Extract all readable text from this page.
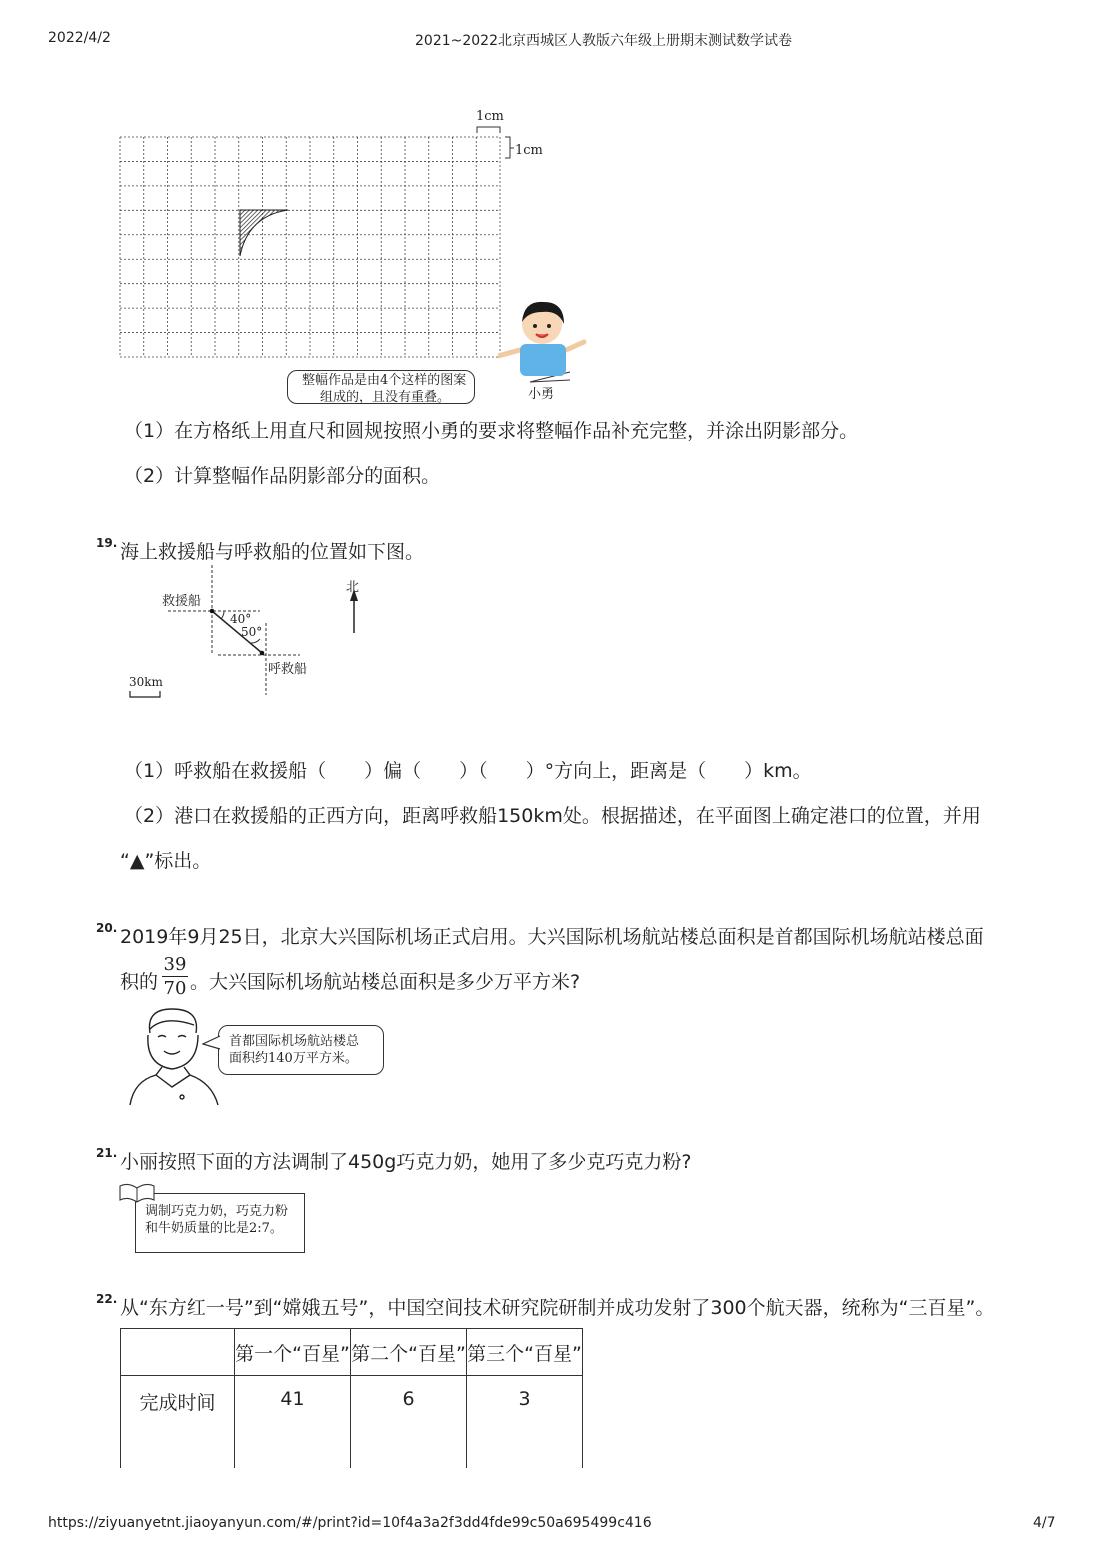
2022/4/2	2021~2022北京西城区人教版六年级上册期末测试数学试卷
1cm
1cm
小勇
整幅作品是由4个这样的图案
组成的，且没有重叠。
（1）在方格纸上用直尺和圆规按照小勇的要求将整幅作品补充完整，并涂出阴影部分。
（2）计算整幅作品阴影部分的面积。
19. 海上救援船与呼救船的位置如下图。
救援船
40°
50°
呼救船
北
30km
（1）呼救船在救援船（　　）偏（　　）（　　）°方向上，距离是（　　）km。
（2）港口在救援船的正西方向，距离呼救船150km处。根据描述，在平面图上确定港口的位置，并用
“▲”标出。
20. 2019年9月25日，北京大兴国际机场正式启用。大兴国际机场航站楼总面积是首都国际机场航站楼总面
积的
39
70 。大兴国际机场航站楼总面积是多少万平方米?
首都国际机场航站楼总
面积约140万平方米。
21. 小丽按照下面的方法调制了450g巧克力奶，她用了多少克巧克力粉?
调制巧克力奶，巧克力粉
和牛奶质量的比是2:7。
22. 从“东方红一号”到“嫦娥五号”，中国空间技术研究院研制并成功发射了300个航天器，统称为“三百星”。
	第一个“百星”	第二个“百星”	第三个“百星”
完成时间	41	6	3
https://ziyuanyetnt.jiaoyanyun.com/#/print?id=10f4a3a2f3dd4fde99c50a695499c416	4/7
